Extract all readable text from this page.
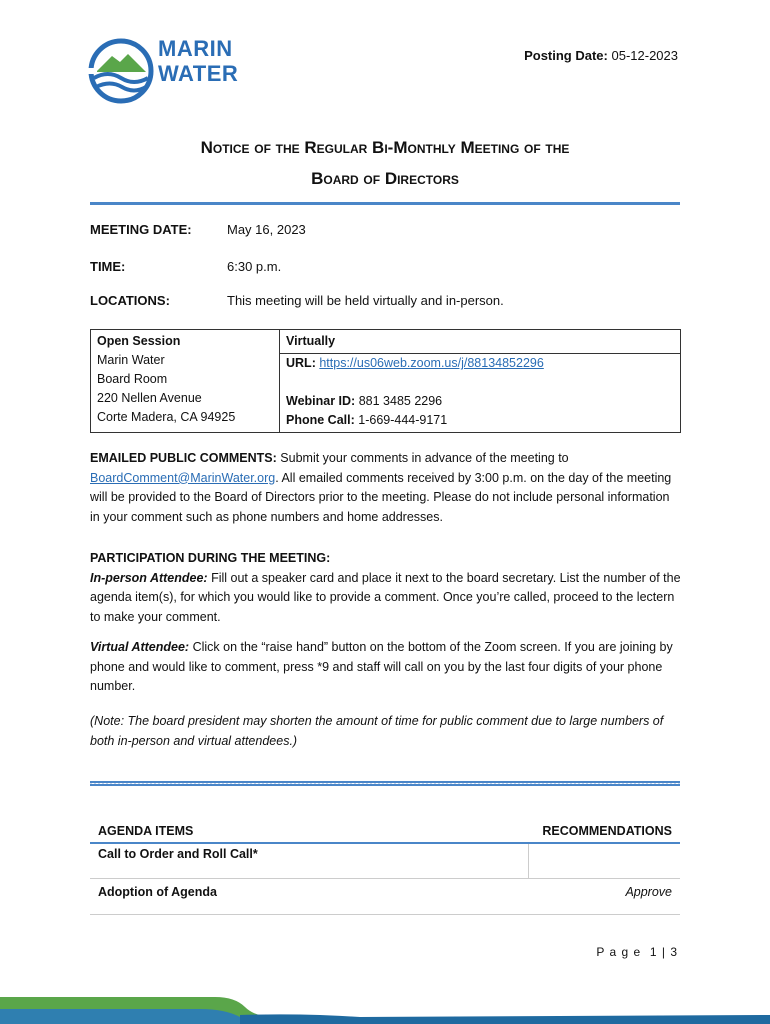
MARIN
WATER
Posting Date: 05-12-2023
Notice of the Regular Bi-Monthly Meeting of the
Board of Directors
MEETING DATE:	May 16, 2023
TIME:	6:30 p.m.
LOCATIONS:	This meeting will be held virtually and in-person.
Open Session
Marin Water
Board Room
220 Nellen Avenue
Corte Madera, CA 94925

Virtually
URL: https://us06web.zoom.us/j/88134852296
Webinar ID: 881 3485 2296
Phone Call: 1-669-444-9171
EMAILED PUBLIC COMMENTS: Submit your comments in advance of the meeting to BoardComment@MarinWater.org. All emailed comments received by 3:00 p.m. on the day of the meeting will be provided to the Board of Directors prior to the meeting. Please do not include personal information in your comment such as phone numbers and home addresses.
PARTICIPATION DURING THE MEETING:
In-person Attendee: Fill out a speaker card and place it next to the board secretary. List the number of the agenda item(s), for which you would like to provide a comment. Once you’re called, proceed to the lectern to make your comment.
Virtual Attendee: Click on the “raise hand” button on the bottom of the Zoom screen. If you are joining by phone and would like to comment, press *9 and staff will call on you by the last four digits of your phone number.
(Note: The board president may shorten the amount of time for public comment due to large numbers of both in-person and virtual attendees.)
AGENDA ITEMS	RECOMMENDATIONS
Call to Order and Roll Call*
Adoption of Agenda	Approve
P a g e  1 | 3
